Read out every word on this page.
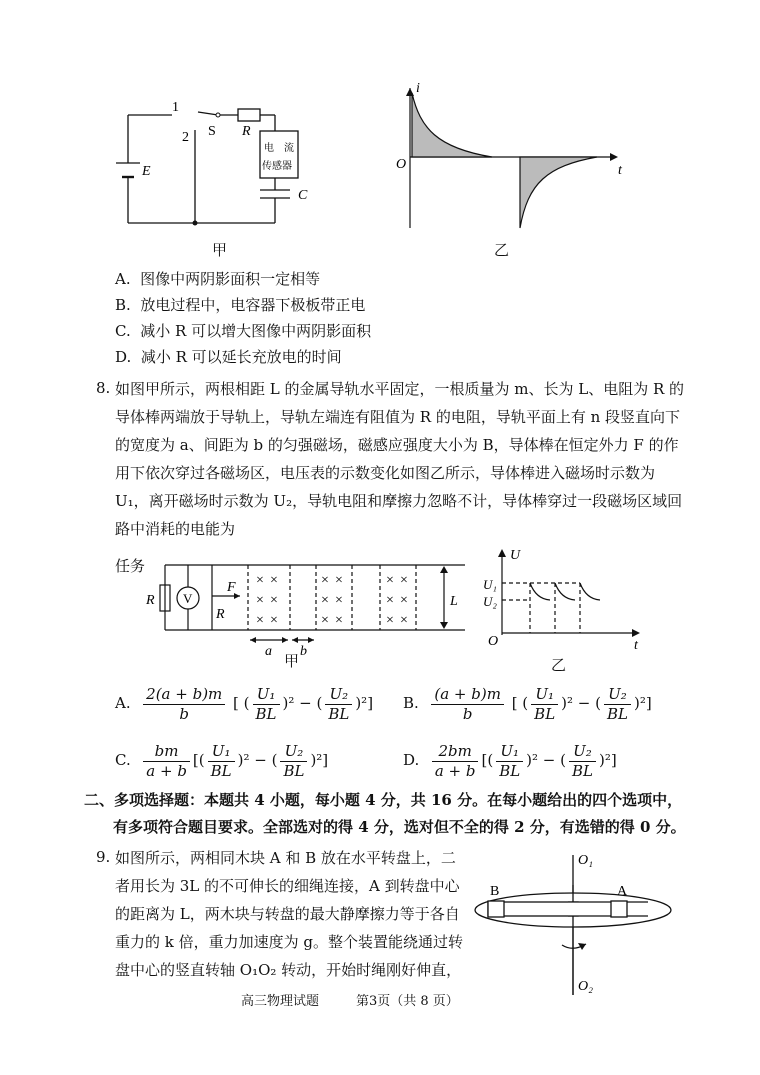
1
2 S R
E
电　流
传感器
C
甲
i
t
O
乙
A. 图像中两阴影面积一定相等
B. 放电过程中，电容器下极板带正电
C. 减小 R 可以增大图像中两阴影面积
D. 减小 R 可以延长充放电的时间
8. 如图甲所示，两根相距 L 的金属导轨水平固定，一根质量为 m、长为 L、电阻为 R 的
导体棒两端放于导轨上，导轨左端连有阻值为 R 的电阻，导轨平面上有 n 段竖直向下
的宽度为 a、间距为 b 的匀强磁场，磁感应强度大小为 B，导体棒在恒定外力 F 的作
用下依次穿过各磁场区，电压表的示数变化如图乙所示，导体棒进入磁场时示数为
U₁，离开磁场时示数为 U₂，导轨电阻和摩擦力忽略不计，导体棒穿过一段磁场区域回
路中消耗的电能为
任务
R V
F
R
L
a b
× ×
× ×
× ×
× ×
× ×
× ×
× ×
× ×
× ×
甲
U
t
O
U₁
U₂
乙
A. $\frac{2(a + b)m}{b}$ [ ( $\frac{\text{U₁}}{BL} )^2$ − ( $\frac{\text{U₂}}{BL} )^2$] B. $\frac{(a + b)m}{b}$ [ ( $\frac{\text{U₁}}{BL} )^2$ − ( $\frac{\text{U₂}}{BL} )^2$]
C. $\frac{bm}{a + b}$ [( $\frac{\text{U₁}}{BL} )^2$ − ( $\frac{\text{U₂}}{BL} )^2$]	D. $\frac{2bm}{a + b}$ [( $\frac{\text{U₁}}{BL} )^2$ − ( $\frac{\text{U₂}}{BL} )^2$]
二、多项选择题：本题共 4 小题，每小题 4 分，共 16 分。在每小题给出的四个选项中，
有多项符合题目要求。全部选对的得 4 分，选对但不全的得 2 分，有选错的得 0 分。
9. 如图所示，两相同木块 A 和 B 放在水平转盘上，二
者用长为 3L 的不可伸长的细绳连接，A 到转盘中心
的距离为 L，两木块与转盘的最大静摩擦力等于各自
重力的 k 倍，重力加速度为 g。整个装置能绕通过转
盘中心的竖直转轴 O₁O₂ 转动，开始时绳刚好伸直，
O₁
O₂
B	A
高三物理试题	第3页（共 8 页）
